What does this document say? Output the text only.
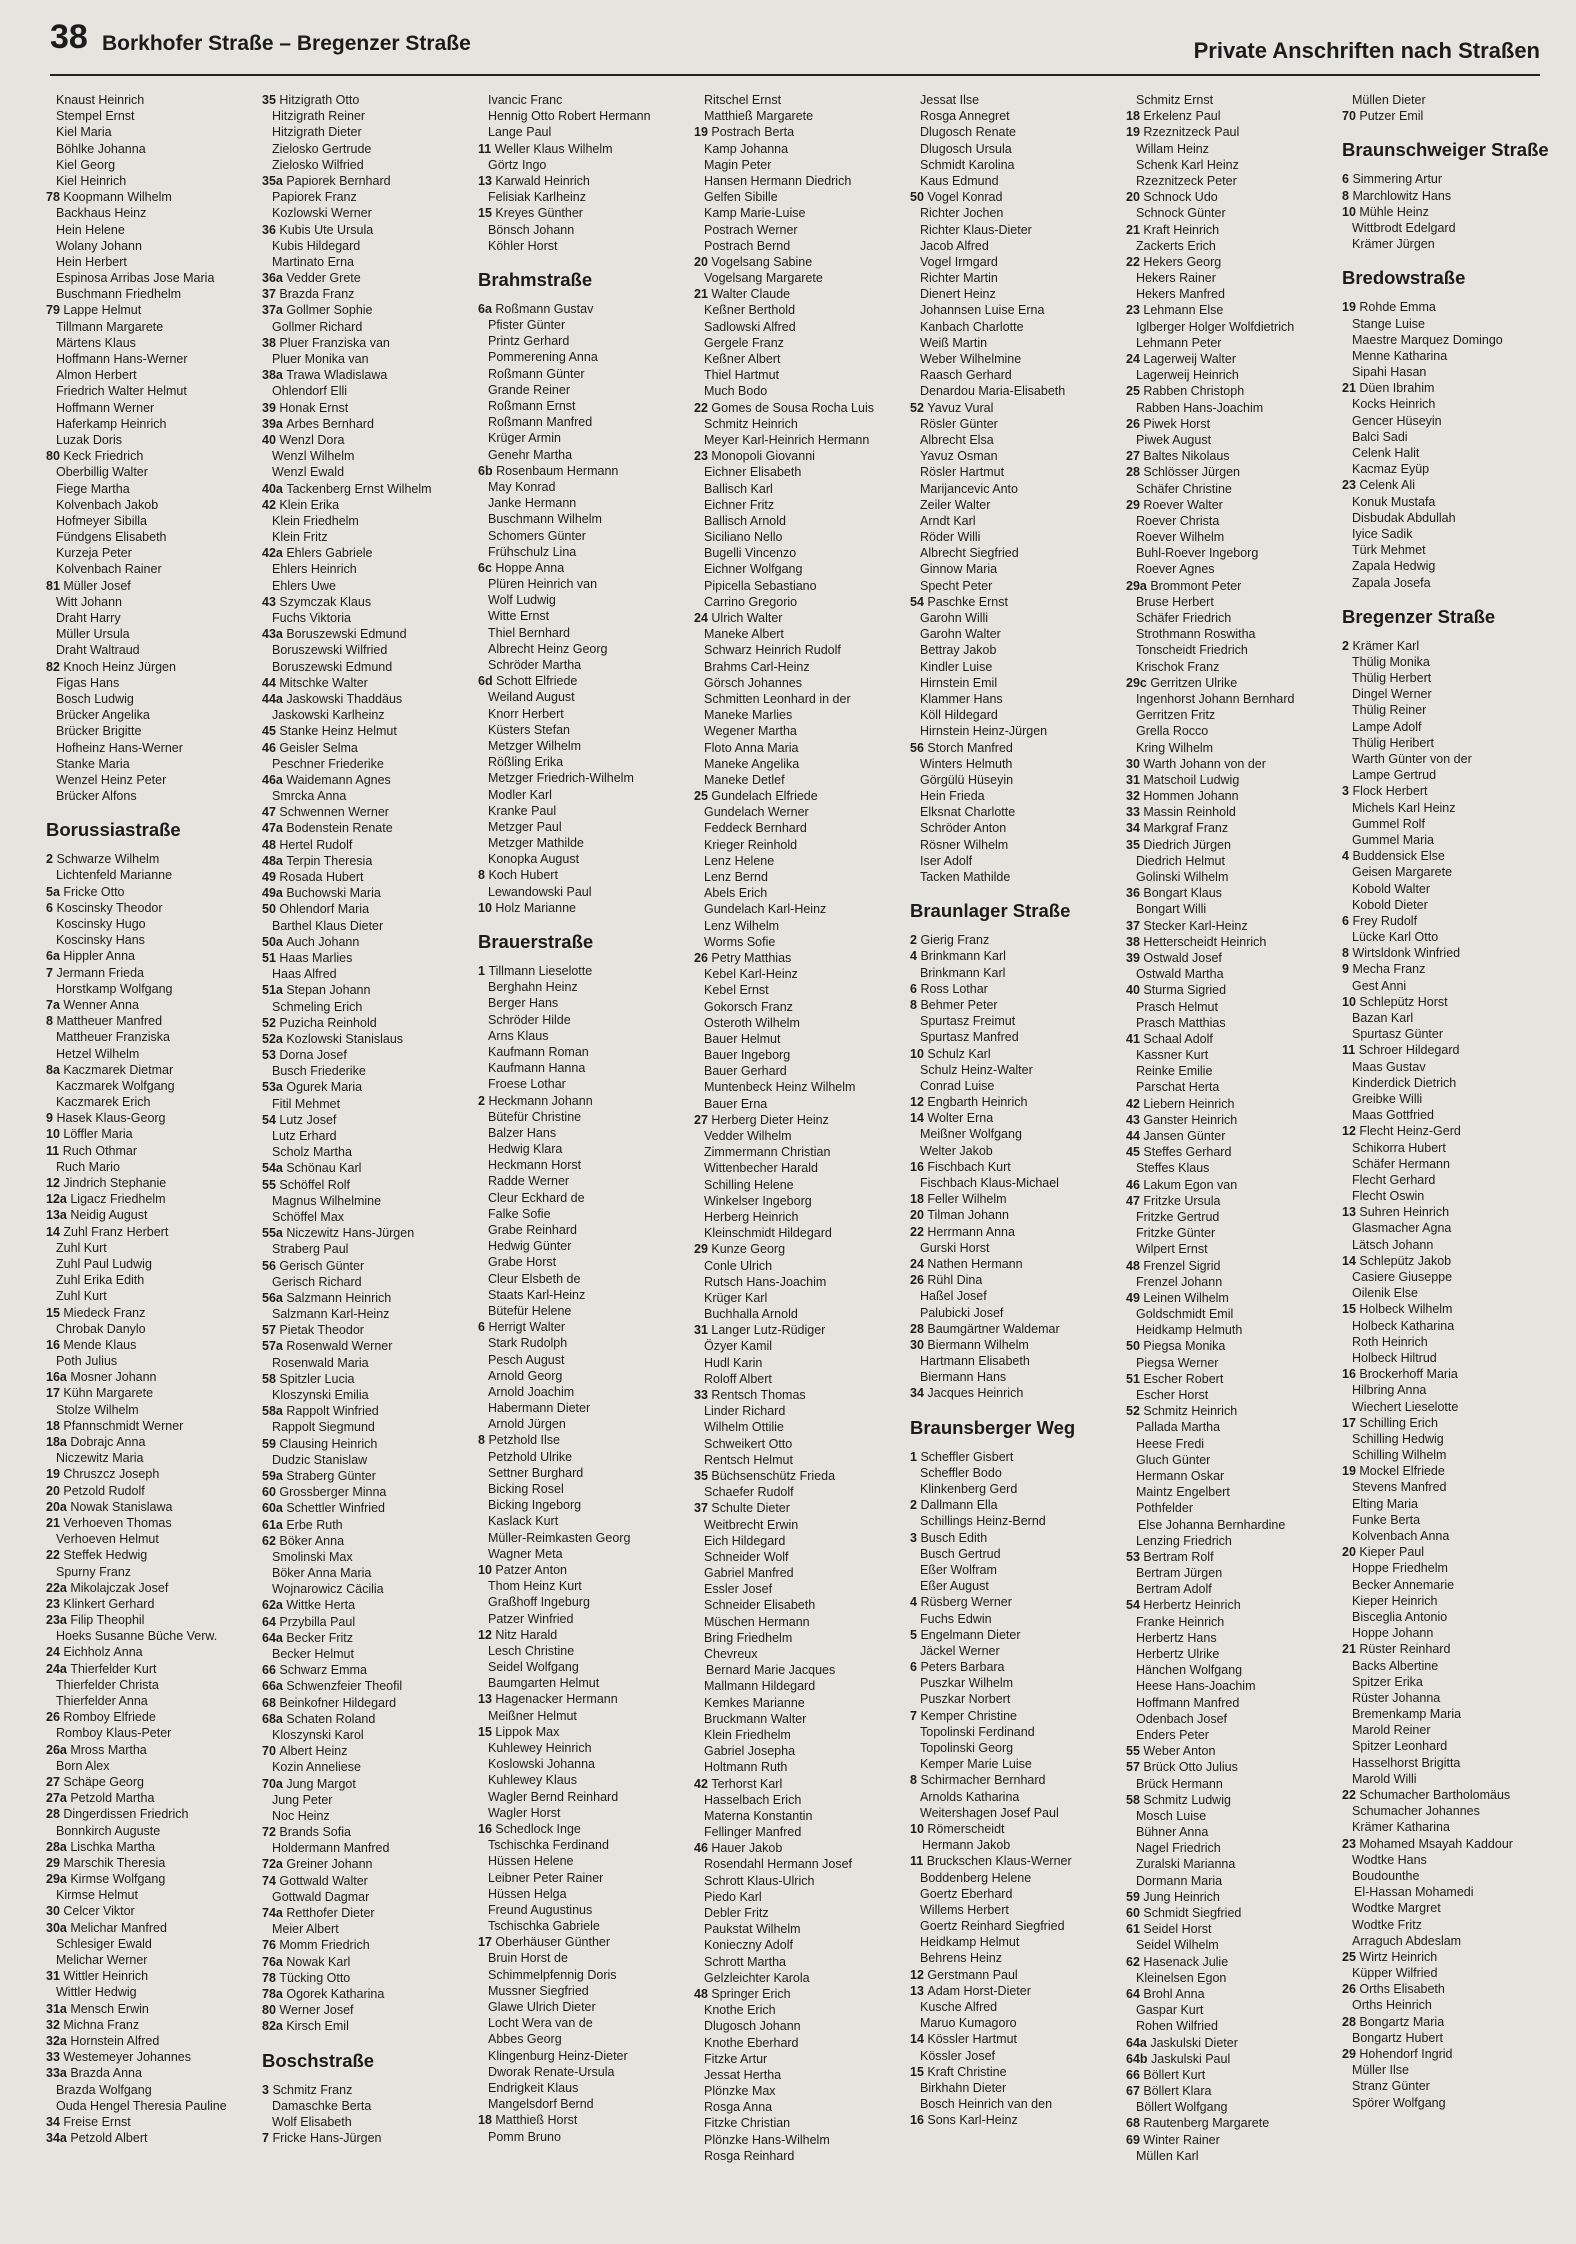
38 Borkhofer Straße – Bregenzer Straße	Private Anschriften nach Straßen
Knaust Heinrich
Stempel Ernst
Kiel Maria
Böhlke Johanna
Kiel Georg
Kiel Heinrich
78 Koopmann Wilhelm
Backhaus Heinz
Hein Helene
Wolany Johann
Hein Herbert
Espinosa Arribas Jose Maria
Buschmann Friedhelm
79 Lappe Helmut
Tillmann Margarete
Märtens Klaus
Hoffmann Hans-Werner
Almon Herbert
Friedrich Walter Helmut
Hoffmann Werner
Haferkamp Heinrich
Luzak Doris
80 Keck Friedrich
Oberbillig Walter
Fiege Martha
Kolvenbach Jakob
Hofmeyer Sibilla
Fündgens Elisabeth
Kurzeja Peter
Kolvenbach Rainer
81 Müller Josef
Witt Johann
Draht Harry
Müller Ursula
Draht Waltraud
82 Knoch Heinz Jürgen
Figas Hans
Bosch Ludwig
Brücker Angelika
Brücker Brigitte
Hofheinz Hans-Werner
Stanke Maria
Wenzel Heinz Peter
Brücker Alfons
Borussiastraße
2 Schwarze Wilhelm
Lichtenfeld Marianne
5a Fricke Otto
6 Koscinsky Theodor
Koscinsky Hugo
Koscinsky Hans
6a Hippler Anna
7 Jermann Frieda
Horstkamp Wolfgang
7a Wenner Anna
8 Mattheuer Manfred
Mattheuer Franziska
Hetzel Wilhelm
8a Kaczmarek Dietmar
Kaczmarek Wolfgang
Kaczmarek Erich
9 Hasek Klaus-Georg
10 Löffler Maria
11 Ruch Othmar
Ruch Mario
12 Jindrich Stephanie
12a Ligacz Friedhelm
13a Neidig August
14 Zuhl Franz Herbert
Zuhl Kurt
Zuhl Paul Ludwig
Zuhl Erika Edith
Zuhl Kurt
15 Miedeck Franz
Chrobak Danylo
16 Mende Klaus
Poth Julius
16a Mosner Johann
17 Kühn Margarete
Stolze Wilhelm
18 Pfannschmidt Werner
18a Dobrajc Anna
Niczewitz Maria
19 Chruszcz Joseph
20 Petzold Rudolf
20a Nowak Stanislawa
21 Verhoeven Thomas
Verhoeven Helmut
22 Steffek Hedwig
Spurny Franz
22a Mikolajczak Josef
23 Klinkert Gerhard
23a Filip Theophil
Hoeks Susanne Büche Verw.
24 Eichholz Anna
24a Thierfelder Kurt
Thierfelder Christa
Thierfelder Anna
26 Romboy Elfriede
Romboy Klaus-Peter
26a Mross Martha
Born Alex
27 Schäpe Georg
27a Petzold Martha
28 Dingerdissen Friedrich
Bonnkirch Auguste
28a Lischka Martha
29 Marschik Theresia
29a Kirmse Wolfgang
Kirmse Helmut
30 Celcer Viktor
30a Melichar Manfred
Schlesiger Ewald
Melichar Werner
31 Wittler Heinrich
Wittler Hedwig
31a Mensch Erwin
32 Michna Franz
32a Hornstein Alfred
33 Westemeyer Johannes
33a Brazda Anna
Brazda Wolfgang
Ouda Hengel Theresia Pauline
34 Freise Ernst
34a Petzold Albert
35 Hitzigrath Otto
Hitzigrath Reiner
Hitzigrath Dieter
Zielosko Gertrude
Zielosko Wilfried
35a Papiorek Bernhard
Papiorek Franz
Kozlowski Werner
36 Kubis Ute Ursula
Kubis Hildegard
Martinato Erna
36a Vedder Grete
37 Brazda Franz
37a Gollmer Sophie
Gollmer Richard
38 Pluer Franziska van
Pluer Monika van
38a Trawa Wladislawa
Ohlendorf Elli
39 Honak Ernst
39a Arbes Bernhard
40 Wenzl Dora
Wenzl Wilhelm
Wenzl Ewald
40a Tackenberg Ernst Wilhelm
42 Klein Erika
Klein Friedhelm
Klein Fritz
42a Ehlers Gabriele
Ehlers Heinrich
Ehlers Uwe
43 Szymczak Klaus
Fuchs Viktoria
43a Boruszewski Edmund
Boruszewski Wilfried
Boruszewski Edmund
44 Mitschke Walter
44a Jaskowski Thaddäus
Jaskowski Karlheinz
45 Stanke Heinz Helmut
46 Geisler Selma
Peschner Friederike
46a Waidemann Agnes
Smrcka Anna
47 Schwennen Werner
47a Bodenstein Renate
48 Hertel Rudolf
48a Terpin Theresia
49 Rosada Hubert
49a Buchowski Maria
50 Ohlendorf Maria
Barthel Klaus Dieter
50a Auch Johann
51 Haas Marlies
Haas Alfred
51a Stepan Johann
Schmeling Erich
52 Puzicha Reinhold
52a Kozlowski Stanislaus
53 Dorna Josef
Busch Friederike
53a Ogurek Maria
Fitil Mehmet
54 Lutz Josef
Lutz Erhard
Scholz Martha
54a Schönau Karl
55 Schöffel Rolf
Magnus Wilhelmine
Schöffel Max
55a Niczewitz Hans-Jürgen
Straberg Paul
56 Gerisch Günter
Gerisch Richard
56a Salzmann Heinrich
Salzmann Karl-Heinz
57 Pietak Theodor
57a Rosenwald Werner
Rosenwald Maria
58 Spitzler Lucia
Kloszynski Emilia
58a Rappolt Winfried
Rappolt Siegmund
59 Clausing Heinrich
Dudzic Stanislaw
59a Straberg Günter
60 Grossberger Minna
60a Schettler Winfried
61a Erbe Ruth
62 Böker Anna
Smolinski Max
Böker Anna Maria
Wojnarowicz Cäcilia
62a Wittke Herta
64 Przybilla Paul
64a Becker Fritz
Becker Helmut
66 Schwarz Emma
66a Schwenzfeier Theofil
68 Beinkofner Hildegard
68a Schaten Roland
Kloszynski Karol
70 Albert Heinz
Kozin Anneliese
70a Jung Margot
Jung Peter
Noc Heinz
72 Brands Sofia
Holdermann Manfred
72a Greiner Johann
74 Gottwald Walter
Gottwald Dagmar
74a Retthofer Dieter
Meier Albert
76 Momm Friedrich
76a Nowak Karl
78 Tücking Otto
78a Ogorek Katharina
80 Werner Josef
82a Kirsch Emil
Boschstraße
3 Schmitz Franz
Damaschke Berta
Wolf Elisabeth
7 Fricke Hans-Jürgen
Ivancic Franc
Hennig Otto Robert Hermann
Lange Paul
11 Weller Klaus Wilhelm
Görtz Ingo
13 Karwald Heinrich
Felisiak Karlheinz
15 Kreyes Günther
Bönsch Johann
Köhler Horst
Brahmstraße
6a Roßmann Gustav
Pfister Günter
Printz Gerhard
Pommerening Anna
Roßmann Günter
Grande Reiner
Roßmann Ernst
Roßmann Manfred
Krüger Armin
Genehr Martha
6b Rosenbaum Hermann
May Konrad
Janke Hermann
Buschmann Wilhelm
Schomers Günter
Frühschulz Lina
6c Hoppe Anna
Plüren Heinrich van
Wolf Ludwig
Witte Ernst
Thiel Bernhard
Albrecht Heinz Georg
Schröder Martha
6d Schott Elfriede
Weiland August
Knorr Herbert
Küsters Stefan
Metzger Wilhelm
Rößling Erika
Metzger Friedrich-Wilhelm
Modler Karl
Kranke Paul
Metzger Paul
Metzger Mathilde
Konopka August
8 Koch Hubert
Lewandowski Paul
10 Holz Marianne
Brauerstraße
1 Tillmann Lieselotte
Berghahn Heinz
Berger Hans
Schröder Hilde
Arns Klaus
Kaufmann Roman
Kaufmann Hanna
Froese Lothar
2 Heckmann Johann
Bütefür Christine
Balzer Hans
Hedwig Klara
Heckmann Horst
Radde Werner
Cleur Eckhard de
Falke Sofie
Grabe Reinhard
Hedwig Günter
Grabe Horst
Cleur Elsbeth de
Staats Karl-Heinz
Bütefür Helene
6 Herrigt Walter
Stark Rudolph
Pesch August
Arnold Georg
Arnold Joachim
Habermann Dieter
Arnold Jürgen
8 Petzhold Ilse
Petzhold Ulrike
Settner Burghard
Bicking Rosel
Bicking Ingeborg
Kaslack Kurt
Müller-Reimkasten Georg
Wagner Meta
10 Patzer Anton
Thom Heinz Kurt
Graßhoff Ingeburg
Patzer Winfried
12 Nitz Harald
Lesch Christine
Seidel Wolfgang
Baumgarten Helmut
13 Hagenacker Hermann
Meißner Helmut
15 Lippok Max
Kuhlewey Heinrich
Koslowski Johanna
Kuhlewey Klaus
Wagler Bernd Reinhard
Wagler Horst
16 Schedlock Inge
Tschischka Ferdinand
Hüssen Helene
Leibner Peter Rainer
Hüssen Helga
Freund Augustinus
Tschischka Gabriele
17 Oberhäuser Günther
Bruin Horst de
Schimmelpfennig Doris
Mussner Siegfried
Glawe Ulrich Dieter
Locht Wera van de
Abbes Georg
Klingenburg Heinz-Dieter
Dworak Renate-Ursula
Endrigkeit Klaus
Mangelsdorf Bernd
18 Matthieß Horst
Pomm Bruno
Ritschel Ernst
Matthieß Margarete
19 Postrach Berta
Kamp Johanna
Magin Peter
Hansen Hermann Diedrich
Gelfen Sibille
Kamp Marie-Luise
Postrach Werner
Postrach Bernd
20 Vogelsang Sabine
Vogelsang Margarete
21 Walter Claude
Keßner Berthold
Sadlowski Alfred
Gergele Franz
Keßner Albert
Thiel Hartmut
Much Bodo
22 Gomes de Sousa Rocha Luis
Schmitz Heinrich
Meyer Karl-Heinrich Hermann
23 Monopoli Giovanni
Eichner Elisabeth
Ballisch Karl
Eichner Fritz
Ballisch Arnold
Siciliano Nello
Bugelli Vincenzo
Eichner Wolfgang
Pipicella Sebastiano
Carrino Gregorio
24 Ulrich Walter
Maneke Albert
Schwarz Heinrich Rudolf
Brahms Carl-Heinz
Görsch Johannes
Schmitten Leonhard in der
Maneke Marlies
Wegener Martha
Floto Anna Maria
Maneke Angelika
Maneke Detlef
25 Gundelach Elfriede
Gundelach Werner
Feddeck Bernhard
Krieger Reinhold
Lenz Helene
Lenz Bernd
Abels Erich
Gundelach Karl-Heinz
Lenz Wilhelm
Worms Sofie
26 Petry Matthias
Kebel Karl-Heinz
Kebel Ernst
Gokorsch Franz
Osteroth Wilhelm
Bauer Helmut
Bauer Ingeborg
Bauer Gerhard
Muntenbeck Heinz Wilhelm
Bauer Erna
27 Herberg Dieter Heinz
Vedder Wilhelm
Zimmermann Christian
Wittenbecher Harald
Schilling Helene
Winkelser Ingeborg
Herberg Heinrich
Kleinschmidt Hildegard
29 Kunze Georg
Conle Ulrich
Rutsch Hans-Joachim
Krüger Karl
Buchhalla Arnold
31 Langer Lutz-Rüdiger
Özyer Kamil
Hudl Karin
Roloff Albert
33 Rentsch Thomas
Linder Richard
Wilhelm Ottilie
Schweikert Otto
Rentsch Helmut
35 Büchsenschütz Frieda
Schaefer Rudolf
37 Schulte Dieter
Weitbrecht Erwin
Eich Hildegard
Schneider Wolf
Gabriel Manfred
Essler Josef
Schneider Elisabeth
Müschen Hermann
Bring Friedhelm
Chevreux
Bernard Marie Jacques
Mallmann Hildegard
Kemkes Marianne
Bruckmann Walter
Klein Friedhelm
Gabriel Josepha
Holtmann Ruth
42 Terhorst Karl
Hasselbach Erich
Materna Konstantin
Fellinger Manfred
46 Hauer Jakob
Rosendahl Hermann Josef
Schrott Klaus-Ulrich
Piedo Karl
Debler Fritz
Paukstat Wilhelm
Konieczny Adolf
Schrott Martha
Gelzleichter Karola
48 Springer Erich
Knothe Erich
Dlugosch Johann
Knothe Eberhard
Fitzke Artur
Jessat Hertha
Plönzke Max
Rosga Anna
Fitzke Christian
Plönzke Hans-Wilhelm
Rosga Reinhard
Jessat Ilse
Rosga Annegret
Dlugosch Renate
Dlugosch Ursula
Schmidt Karolina
Kaus Edmund
50 Vogel Konrad
Richter Jochen
Richter Klaus-Dieter
Jacob Alfred
Vogel Irmgard
Richter Martin
Dienert Heinz
Johannsen Luise Erna
Kanbach Charlotte
Weiß Martin
Weber Wilhelmine
Raasch Gerhard
Denardou Maria-Elisabeth
52 Yavuz Vural
Rösler Günter
Albrecht Elsa
Yavuz Osman
Rösler Hartmut
Marijancevic Anto
Zeiler Walter
Arndt Karl
Röder Willi
Albrecht Siegfried
Ginnow Maria
Specht Peter
54 Paschke Ernst
Garohn Willi
Garohn Walter
Bettray Jakob
Kindler Luise
Hirnstein Emil
Klammer Hans
Köll Hildegard
Hirnstein Heinz-Jürgen
56 Storch Manfred
Winters Helmuth
Görgülü Hüseyin
Hein Frieda
Elksnat Charlotte
Schröder Anton
Rösner Wilhelm
Iser Adolf
Tacken Mathilde
Braunlager Straße
2 Gierig Franz
4 Brinkmann Karl
Brinkmann Karl
6 Ross Lothar
8 Behmer Peter
Spurtasz Freimut
Spurtasz Manfred
10 Schulz Karl
Schulz Heinz-Walter
Conrad Luise
12 Engbarth Heinrich
14 Wolter Erna
Meißner Wolfgang
Welter Jakob
16 Fischbach Kurt
Fischbach Klaus-Michael
18 Feller Wilhelm
20 Tilman Johann
22 Herrmann Anna
Gurski Horst
24 Nathen Hermann
26 Rühl Dina
Haßel Josef
Palubicki Josef
28 Baumgärtner Waldemar
30 Biermann Wilhelm
Hartmann Elisabeth
Biermann Hans
34 Jacques Heinrich
Braunsberger Weg
1 Scheffler Gisbert
Scheffler Bodo
Klinkenberg Gerd
2 Dallmann Ella
Schillings Heinz-Bernd
3 Busch Edith
Busch Gertrud
Eßer Wolfram
Eßer August
4 Rüsberg Werner
Fuchs Edwin
5 Engelmann Dieter
Jäckel Werner
6 Peters Barbara
Puszkar Wilhelm
Puszkar Norbert
7 Kemper Christine
Topolinski Ferdinand
Topolinski Georg
Kemper Marie Luise
8 Schirmacher Bernhard
Arnolds Katharina
Weitershagen Josef Paul
10 Römerscheidt
Hermann Jakob
11 Bruckschen Klaus-Werner
Boddenberg Helene
Goertz Eberhard
Willems Herbert
Goertz Reinhard Siegfried
Heidkamp Helmut
Behrens Heinz
12 Gerstmann Paul
13 Adam Horst-Dieter
Kusche Alfred
Maruo Kumagoro
14 Kössler Hartmut
Kössler Josef
15 Kraft Christine
Birkhahn Dieter
Bosch Heinrich van den
16 Sons Karl-Heinz
Schmitz Ernst
18 Erkelenz Paul
19 Rzeznitzeck Paul
Willam Heinz
Schenk Karl Heinz
Rzeznitzeck Peter
20 Schnock Udo
Schnock Günter
21 Kraft Heinrich
Zackerts Erich
22 Hekers Georg
Hekers Rainer
Hekers Manfred
23 Lehmann Else
Iglberger Holger Wolfdietrich
Lehmann Peter
24 Lagerweij Walter
Lagerweij Heinrich
25 Rabben Christoph
Rabben Hans-Joachim
26 Piwek Horst
Piwek August
27 Baltes Nikolaus
28 Schlösser Jürgen
Schäfer Christine
29 Roever Walter
Roever Christa
Roever Wilhelm
Buhl-Roever Ingeborg
Roever Agnes
29a Brommont Peter
Bruse Herbert
Schäfer Friedrich
Strothmann Roswitha
Tonscheidt Friedrich
Krischok Franz
29c Gerritzen Ulrike
Ingenhorst Johann Bernhard
Gerritzen Fritz
Grella Rocco
Kring Wilhelm
30 Warth Johann von der
31 Matschoil Ludwig
32 Hommen Johann
33 Massin Reinhold
34 Markgraf Franz
35 Diedrich Jürgen
Diedrich Helmut
Golinski Wilhelm
36 Bongart Klaus
Bongart Willi
37 Stecker Karl-Heinz
38 Hetterscheidt Heinrich
39 Ostwald Josef
Ostwald Martha
40 Sturma Sigried
Prasch Helmut
Prasch Matthias
41 Schaal Adolf
Kassner Kurt
Reinke Emilie
Parschat Herta
42 Liebern Heinrich
43 Ganster Heinrich
44 Jansen Günter
45 Steffes Gerhard
Steffes Klaus
46 Lakum Egon van
47 Fritzke Ursula
Fritzke Gertrud
Fritzke Günter
Wilpert Ernst
48 Frenzel Sigrid
Frenzel Johann
49 Leinen Wilhelm
Goldschmidt Emil
Heidkamp Helmuth
50 Piegsa Monika
Piegsa Werner
51 Escher Robert
Escher Horst
52 Schmitz Heinrich
Pallada Martha
Heese Fredi
Gluch Günter
Hermann Oskar
Maintz Engelbert
Pothfelder
Else Johanna Bernhardine
Lenzing Friedrich
53 Bertram Rolf
Bertram Jürgen
Bertram Adolf
54 Herbertz Heinrich
Franke Heinrich
Herbertz Hans
Herbertz Ulrike
Hänchen Wolfgang
Heese Hans-Joachim
Hoffmann Manfred
Odenbach Josef
Enders Peter
55 Weber Anton
57 Brück Otto Julius
Brück Hermann
58 Schmitz Ludwig
Mosch Luise
Bühner Anna
Nagel Friedrich
Zuralski Marianna
Dormann Maria
59 Jung Heinrich
60 Schmidt Siegfried
61 Seidel Horst
Seidel Wilhelm
62 Hasenack Julie
Kleinelsen Egon
64 Brohl Anna
Gaspar Kurt
Rohen Wilfried
64a Jaskulski Dieter
64b Jaskulski Paul
66 Böllert Kurt
67 Böllert Klara
Böllert Wolfgang
68 Rautenberg Margarete
69 Winter Rainer
Müllen Karl
Müllen Dieter
70 Putzer Emil
Braunschweiger Straße
6 Simmering Artur
8 Marchlowitz Hans
10 Mühle Heinz
Wittbrodt Edelgard
Krämer Jürgen
Bredowstraße
19 Rohde Emma
Stange Luise
Maestre Marquez Domingo
Menne Katharina
Sipahi Hasan
21 Düen Ibrahim
Kocks Heinrich
Gencer Hüseyin
Balci Sadi
Celenk Halit
Kacmaz Eyüp
23 Celenk Ali
Konuk Mustafa
Disbudak Abdullah
Iyice Sadik
Türk Mehmet
Zapala Hedwig
Zapala Josefa
Bregenzer Straße
2 Krämer Karl
Thülig Monika
Thülig Herbert
Dingel Werner
Thülig Reiner
Lampe Adolf
Thülig Heribert
Warth Günter von der
Lampe Gertrud
3 Flock Herbert
Michels Karl Heinz
Gummel Rolf
Gummel Maria
4 Buddensick Else
Geisen Margarete
Kobold Walter
Kobold Dieter
6 Frey Rudolf
Lücke Karl Otto
8 Wirtsldonk Winfried
9 Mecha Franz
Gest Anni
10 Schlepütz Horst
Bazan Karl
Spurtasz Günter
11 Schroer Hildegard
Maas Gustav
Kinderdick Dietrich
Greibke Willi
Maas Gottfried
12 Flecht Heinz-Gerd
Schikorra Hubert
Schäfer Hermann
Flecht Gerhard
Flecht Oswin
13 Suhren Heinrich
Glasmacher Agna
Lätsch Johann
14 Schlepütz Jakob
Casiere Giuseppe
Oilenik Else
15 Holbeck Wilhelm
Holbeck Katharina
Roth Heinrich
Holbeck Hiltrud
16 Brockerhoff Maria
Hilbring Anna
Wiechert Lieselotte
17 Schilling Erich
Schilling Hedwig
Schilling Wilhelm
19 Mockel Elfriede
Stevens Manfred
Elting Maria
Funke Berta
Kolvenbach Anna
20 Kieper Paul
Hoppe Friedhelm
Becker Annemarie
Kieper Heinrich
Bisceglia Antonio
Hoppe Johann
21 Rüster Reinhard
Backs Albertine
Spitzer Erika
Rüster Johanna
Bremenkamp Maria
Marold Reiner
Spitzer Leonhard
Hasselhorst Brigitta
Marold Willi
22 Schumacher Bartholomäus
Schumacher Johannes
Krämer Katharina
23 Mohamed Msayah Kaddour
Wodtke Hans
Boudounthe
El-Hassan Mohamedi
Wodtke Margret
Wodtke Fritz
Arraguch Abdeslam
25 Wirtz Heinrich
Küpper Wilfried
26 Orths Elisabeth
Orths Heinrich
28 Bongartz Maria
Bongartz Hubert
29 Hohendorf Ingrid
Müller Ilse
Stranz Günter
Spörer Wolfgang
